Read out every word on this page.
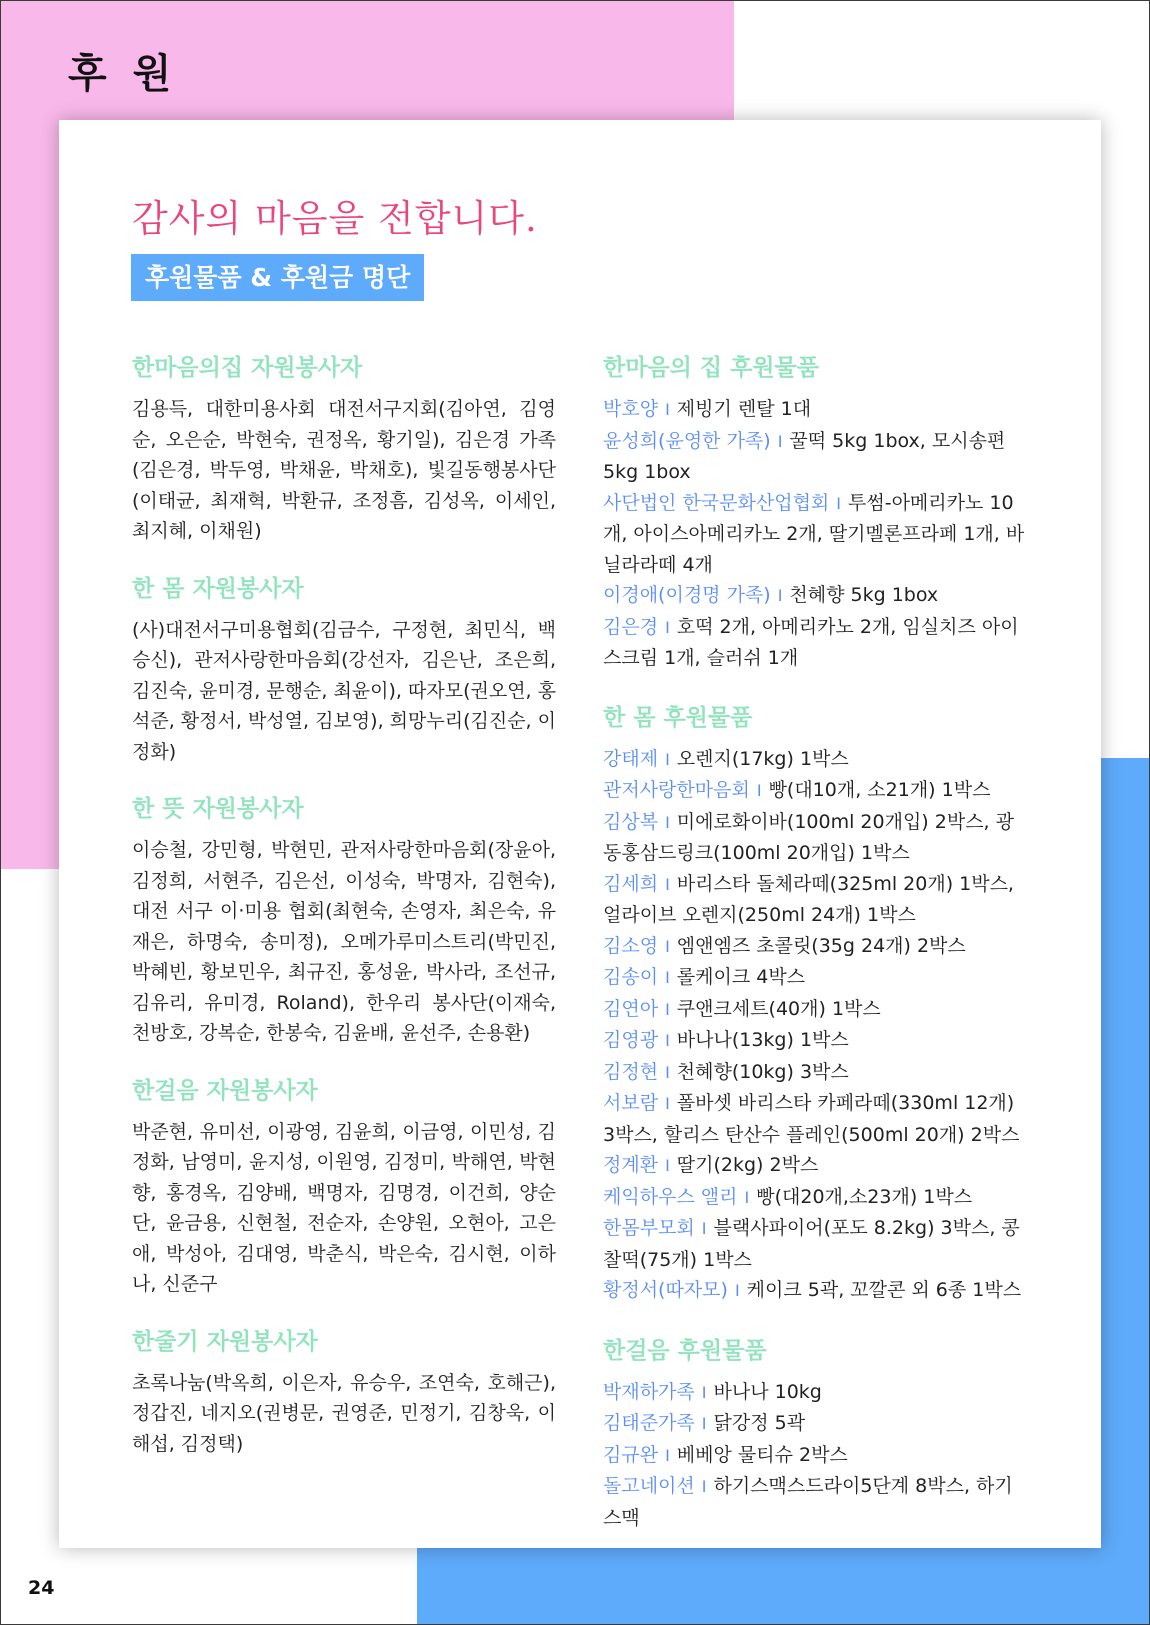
후 원
감사의 마음을 전합니다.
후원물품 & 후원금 명단
한마음의집 자원봉사자
김용득, 대한미용사회 대전서구지회(김아연, 김영순, 오은순, 박현숙, 권정옥, 황기일), 김은경 가족(김은경, 박두영, 박채윤, 박채호), 빛길동행봉사단(이태균, 최재혁, 박환규, 조정흠, 김성옥, 이세인, 최지혜, 이채원)
한 몸 자원봉사자
(사)대전서구미용협회(김금수, 구정현, 최민식, 백승신), 관저사랑한마음회(강선자, 김은난, 조은희, 김진숙, 윤미경, 문행순, 최윤이), 따자모(권오연, 홍석준, 황정서, 박성열, 김보영), 희망누리(김진순, 이정화)
한 뜻 자원봉사자
이승철, 강민형, 박현민, 관저사랑한마음회(장윤아, 김정희, 서현주, 김은선, 이성숙, 박명자, 김현숙), 대전 서구 이·미용 협회(최현숙, 손영자, 최은숙, 유재은, 하명숙, 송미정), 오메가루미스트리(박민진, 박혜빈, 황보민우, 최규진, 홍성윤, 박사라, 조선규, 김유리, 유미경, Roland), 한우리 봉사단(이재숙, 천방호, 강복순, 한봉숙, 김윤배, 윤선주, 손용환)
한걸음 자원봉사자
박준현, 유미선, 이광영, 김윤희, 이금영, 이민성, 김정화, 남영미, 윤지성, 이원영, 김정미, 박해연, 박현향, 홍경옥, 김양배, 백명자, 김명경, 이건희, 양순단, 윤금용, 신현철, 전순자, 손양원, 오현아, 고은애, 박성아, 김대영, 박춘식, 박은숙, 김시현, 이하나, 신준구
한줄기 자원봉사자
초록나눔(박옥희, 이은자, 유승우, 조연숙, 호해근), 정갑진, 네지오(권병문, 권영준, 민정기, 김창욱, 이해섭, 김정택)
한마음의 집 후원물품
박호양 I 제빙기 렌탈 1대
윤성희(윤영한 가족) I 꿀떡 5kg 1box, 모시송편 5kg 1box
사단법인 한국문화산업협회 I 투썸-아메리카노 10개, 아이스아메리카노 2개, 딸기멜론프라페 1개, 바닐라라떼 4개
이경애(이경명 가족) I 천혜향 5kg 1box
김은경 I 호떡 2개, 아메리카노 2개, 임실치즈 아이스크림 1개, 슬러쉬 1개
한 몸 후원물품
강태제 I 오렌지(17kg) 1박스
관저사랑한마음회 I 빵(대10개, 소21개) 1박스
김상복 I 미에로화이바(100ml 20개입) 2박스, 광동홍삼드링크(100ml 20개입) 1박스
김세희 I 바리스타 돌체라떼(325ml 20개) 1박스, 얼라이브 오렌지(250ml 24개) 1박스
김소영 I 엠앤엠즈 초콜릿(35g 24개) 2박스
김송이 I 롤케이크 4박스
김연아 I 쿠앤크세트(40개) 1박스
김영광 I 바나나(13kg) 1박스
김정현 I 천혜향(10kg) 3박스
서보람 I 폴바셋 바리스타 카페라떼(330ml 12개) 3박스, 할리스 탄산수 플레인(500ml 20개) 2박스
정계환 I 딸기(2kg) 2박스
케익하우스 앨리 I 빵(대20개,소23개) 1박스
한몸부모회 I 블랙사파이어(포도 8.2kg) 3박스, 콩찰떡(75개) 1박스
황정서(따자모) I 케이크 5곽, 꼬깔콘 외 6종 1박스
한걸음 후원물품
박재하가족 I 바나나 10kg
김태준가족 I 닭강정 5곽
김규완 I 베베앙 물티슈 2박스
돌고네이션 I 하기스맥스드라이5단계 8박스, 하기스맥
24
